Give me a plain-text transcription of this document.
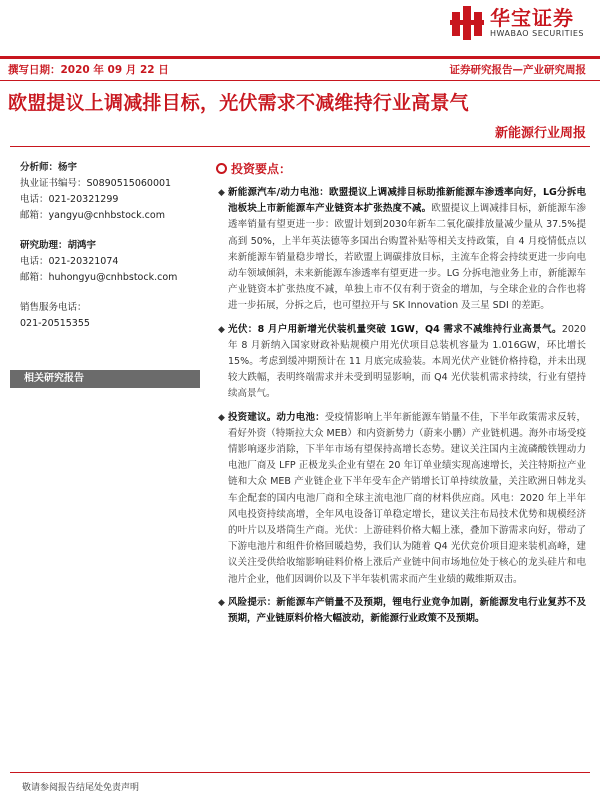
华宝证券
HWABAO SECURITIES
撰写日期：2020 年 09 月 22 日	证券研究报告—产业研究周报
欧盟提议上调减排目标，光伏需求不减维持行业高景气
新能源行业周报
分析师：杨宇
执业证书编号：S0890515060001
电话：021-20321299
邮箱：yangyu@cnhbstock.com
研究助理：胡鸿宇
电话：021-20321074
邮箱：huhongyu@cnhbstock.com
销售服务电话：
021-20515355
相关研究报告
投资要点：
◆ 新能源汽车/动力电池：欧盟提议上调减排目标助推新能源车渗透率向好，LG分拆电池板块上市新能源车产业链资本扩张热度不减。欧盟提议上调减排目标，新能源车渗透率销量有望更进一步：欧盟计划到2030年新车二氧化碳排放量减少量从 37.5%提高到 50%，上半年英法德等多国出台购置补贴等相关支持政策，自 4 月疫情低点以来新能源车销量稳步增长，若欧盟上调碳排放目标，主流车企将会持续更进一步向电动车领域倾斜，未来新能源车渗透率有望更进一步。LG 分拆电池业务上市，新能源车产业链资本扩张热度不减，单独上市不仅有利于资金的增加，与全球企业的合作也将进一步拓展，分拆之后，也可望拉开与 SK Innovation 及三星 SDI 的差距。
◆ 光伏：8 月户用新增光伏装机量突破 1GW，Q4 需求不减维持行业高景气。2020 年 8 月新纳入国家财政补贴规模户用光伏项目总装机容量为 1.016GW，环比增长 15%。考虑到缓冲期预计在 11 月底完成验装。本周光伏产业链价格持稳，并未出现较大跌幅，表明终端需求并未受到明显影响，而 Q4 光伏装机需求持续，行业有望持续高景气。
◆ 投资建议。动力电池：受疫情影响上半年新能源车销量不佳，下半年政策需求反转，看好外资（特斯拉大众 MEB）和内资新势力（蔚来小鹏）产业链机遇。海外市场受疫情影响逐步消除，下半年市场有望保持高增长态势。建议关注国内主流磷酸铁锂动力电池厂商及 LFP 正极龙头企业有望在 20 年订单业绩实现高速增长，关注特斯拉产业链和大众 MEB 产业链企业下半年受车企产销增长订单持续放量，关注欧洲日韩龙头车企配套的国内电池厂商和全球主流电池厂商的材料供应商。风电：2020 年上半年风电投资持续高增，全年风电设备订单稳定增长，建议关注布局技术优势和规模经济的叶片以及塔筒生产商。光伏：上游硅料价格大幅上涨，叠加下游需求向好，带动了下游电池片和组件价格回暖趋势，我们认为随着 Q4 光伏竞价项目迎来装机高峰，建议关注受供给收缩影响硅料价格上涨后产业链中间市场地位处于核心的龙头硅片和电池片企业，他们因调价以及下半年装机需求而产生业绩的戴维斯双击。
◆ 风险提示：新能源车产销量不及预期，锂电行业竞争加剧，新能源发电行业复苏不及预期，产业链原料价格大幅波动，新能源行业政策不及预期。
敬请参阅报告结尾处免责声明
